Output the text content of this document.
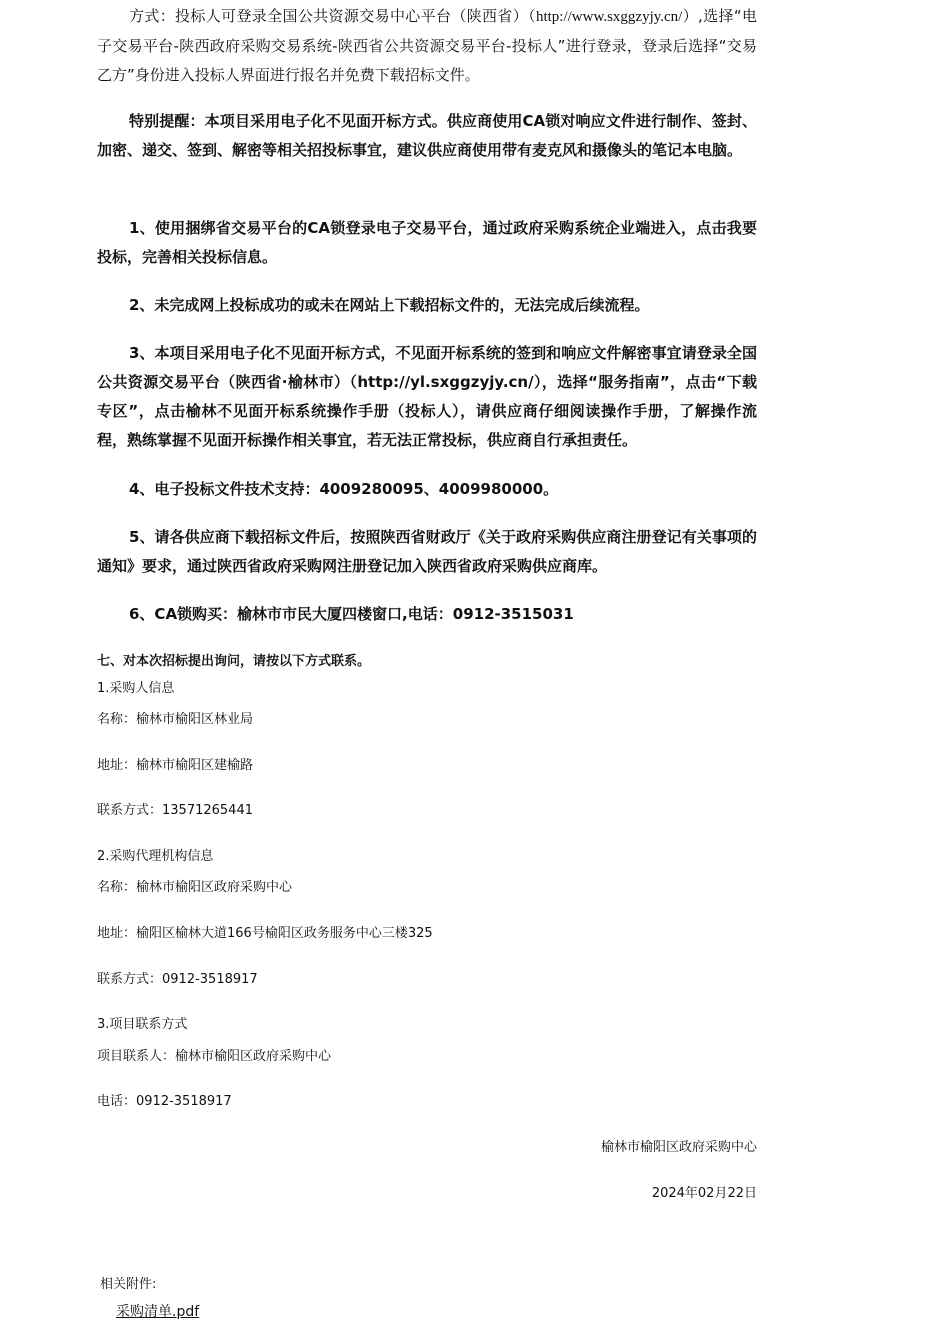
方式：投标人可登录全国公共资源交易中心平台（陕西省）（http://www.sxggzyjy.cn/）,选择“电子交易平台-陕西政府采购交易系统-陕西省公共资源交易平台-投标人”进行登录，登录后选择“交易乙方”身份进入投标人界面进行报名并免费下载招标文件。

特别提醒：本项目采用电子化不见面开标方式。供应商使用CA锁对响应文件进行制作、签封、加密、递交、签到、解密等相关招投标事宜，建议供应商使用带有麦克风和摄像头的笔记本电脑。

1、使用捆绑省交易平台的CA锁登录电子交易平台，通过政府采购系统企业端进入，点击我要投标，完善相关投标信息。

2、未完成网上投标成功的或未在网站上下载招标文件的，无法完成后续流程。

3、本项目采用电子化不见面开标方式，不见面开标系统的签到和响应文件解密事宜请登录全国公共资源交易平台（陕西省·榆林市）（http://yl.sxggzyjy.cn/），选择“服务指南”，点击“下载专区”，点击榆林不见面开标系统操作手册（投标人），请供应商仔细阅读操作手册，了解操作流程，熟练掌握不见面开标操作相关事宜，若无法正常投标，供应商自行承担责任。

4、电子投标文件技术支持：4009280095、4009980000。

5、请各供应商下载招标文件后，按照陕西省财政厅《关于政府采购供应商注册登记有关事项的通知》要求，通过陕西省政府采购网注册登记加入陕西省政府采购供应商库。

6、CA锁购买：榆林市市民大厦四楼窗口,电话：0912-3515031

七、对本次招标提出询问，请按以下方式联系。

1.采购人信息

名称：榆林市榆阳区林业局

地址：榆林市榆阳区建榆路

联系方式：13571265441

2.采购代理机构信息

名称：榆林市榆阳区政府采购中心

地址：榆阳区榆林大道166号榆阳区政务服务中心三楼325

联系方式：0912-3518917

3.项目联系方式

项目联系人：榆林市榆阳区政府采购中心

电话：0912-3518917

榆林市榆阳区政府采购中心

2024年02月22日

相关附件:
采购清单.pdf
